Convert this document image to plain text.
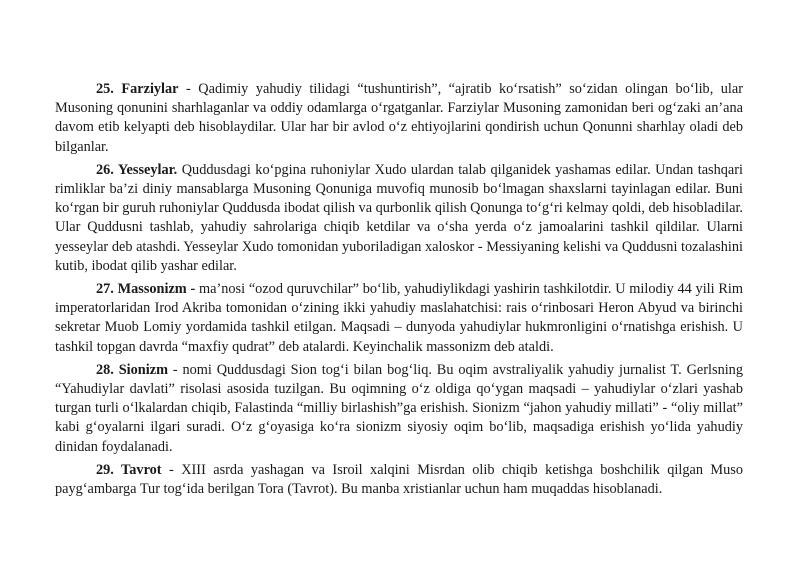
25. Farziylar - Qadimiy yahudiy tilidagi “tushuntirish”, “ajratib ko‘rsatish” so‘zidan olingan bo‘lib, ular Musoning qonunini sharhlaganlar va oddiy odamlarga o‘rgatganlar. Farziylar Musoning zamonidan beri og‘zaki an’ana davom etib kelyapti deb hisoblaydilar. Ular har bir avlod o‘z ehtiyojlarini qondirish uchun Qonunni sharhlay oladi deb bilganlar.

26. Yesseylar. Quddusdagi ko‘pgina ruhoniylar Xudo ulardan talab qilganidek yashamas edilar. Undan tashqari rimliklar ba’zi diniy mansablarga Musoning Qonuniga muvofiq munosib bo‘lmagan shaxslarni tayinlagan edilar. Buni ko‘rgan bir guruh ruhoniylar Quddusda ibodat qilish va qurbonlik qilish Qonunga to‘g‘ri kelmay qoldi, deb hisobladilar. Ular Quddusni tashlab, yahudiy sahrolariga chiqib ketdilar va o‘sha yerda o‘z jamoalarini tashkil qildilar. Ularni yesseylar deb atashdi. Yesseylar Xudo tomonidan yuboriladigan xaloskor - Messiyaning kelishi va Quddusni tozalashini kutib, ibodat qilib yashar edilar.

27. Massonizm - ma’nosi “ozod quruvchilar” bo‘lib, yahudiylikdagi yashirin tashkilotdir. U milodiy 44 yili Rim imperatorlaridan Irod Akriba tomonidan o‘zining ikki yahudiy maslahatchisi: rais o‘rinbosari Heron Abyud va birinchi sekretar Muob Lomiy yordamida tashkil etilgan. Maqsadi – dunyoda yahudiylar hukmronligini o‘rnatishga erishish. U tashkil topgan davrda “maxfiy qudrat” deb atalardi. Keyinchalik massonizm deb ataldi.

28. Sionizm - nomi Quddusdagi Sion tog‘i bilan bog‘liq. Bu oqim avstraliyalik yahudiy jurnalist T. Gerlsning “Yahudiylar davlati” risolasi asosida tuzilgan. Bu oqimning o‘z oldiga qo‘ygan maqsadi – yahudiylar o‘zlari yashab turgan turli o‘lkalardan chiqib, Falastinda “milliy birlashish”ga erishish. Sionizm “jahon yahudiy millati” - “oliy millat” kabi g‘oyalarni ilgari suradi. O‘z g‘oyasiga ko‘ra sionizm siyosiy oqim bo‘lib, maqsadiga erishish yo‘lida yahudiy dinidan foydalanadi.

29. Tavrot - XIII asrda yashagan va Isroil xalqini Misrdan olib chiqib ketishga boshchilik qilgan Muso payg‘ambarga Tur tog‘ida berilgan Tora (Tavrot). Bu manba xristianlar uchun ham muqaddas hisoblanadi.
